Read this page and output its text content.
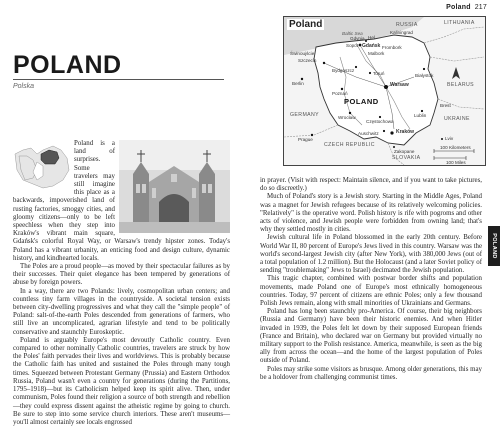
Poland 217
POLAND
Polska
Poland
Baltic Sea
RUSSIA	LITHUANIA
Kaliningrad
Gdynia Hel
Gdańsk
Sopot
Malbork
Frombork
Świnoujście
Szczecin
Bydgoszcz
Toruń	Białystok
BELARUS
Berlin
Poznań
POLAND
Warsaw
Brest
GERMANY	Wrocław
Częstochowa
Lublin
UKRAINE
Auschwitz	Kraków
Prague
CZECH REPUBLIC
Zakopane
SLOVAKIA
Lviv
100 Kilometers
100 Miles

Poland is a land of surprises. Some travelers may still imagine this place as a backwards, impoverished land of rusting factories, smoggy cities, and gloomy citizens—only to be left speechless when they step into Kraków's vibrant main square, Gdańsk's colorful Royal Way, or Warsaw's trendy hipster zones. Today's Poland has a vibrant urbanity, an enticing food and design culture, dynamic history, and kindhearted locals.

The Poles are a proud people—as moved by their spectacular failures as by their successes. Their quiet elegance has been tempered by generations of abuse by foreign powers.

In a way, there are two Polands: lively, cosmopolitan urban centers; and countless tiny farm villages in the countryside. A societal tension exists between city-dwelling progressives and what they call the "simple people" of Poland: salt-of-the-earth Poles descended from generations of farmers, who still live an uncomplicated, agrarian lifestyle and tend to be politically conservative and staunchly Euroskeptic.

Poland is arguably Europe's most devoutly Catholic country. Even compared to other nominally Catholic countries, travelers are struck by how the Poles' faith pervades their lives and worldviews. This is probably because the Catholic faith has united and sustained the Poles through many tough times. Squeezed between Protestant Germany (Prussia) and Eastern Orthodox Russia, Poland wasn't even a country for generations (during the Partitions, 1795–1918)—but its Catholicism helped keep its spirit alive. Then, under communism, Poles found their religion a source of both strength and rebellion—they could express dissent against the atheistic regime by going to church. Be sure to step into some service church interiors. These aren't museums—you'll almost certainly see locals engrossed

in prayer. (Visit with respect: Maintain silence, and if you want to take pictures, do so discreetly.)

Much of Poland's story is a Jewish story. Starting in the Middle Ages, Poland was a magnet for Jewish refugees because of its relatively welcoming policies. "Relatively" is the operative word. Polish history is rife with pogroms and other acts of violence, and Jewish people were forbidden from owning land; that's why they settled mostly in cities.

Jewish cultural life in Poland blossomed in the early 20th century. Before World War II, 80 percent of Europe's Jews lived in this country. Warsaw was the world's second-largest Jewish city (after New York), with 380,000 Jews (out of a total population of 1.2 million). But the Holocaust (and a later Soviet policy of sending "troublemaking" Jews to Israel) decimated the Jewish population.

This tragic chapter, combined with postwar border shifts and population movements, made Poland one of Europe's most ethnically homogeneous countries. Today, 97 percent of citizens are ethnic Poles; only a few thousand Polish Jews remain, along with small minorities of Ukrainians and Germans.

Poland has long been staunchly pro-America. Of course, their big neighbors (Russia and Germany) have been their historic enemies. And when Hitler invaded in 1939, the Poles felt let down by their supposed European friends (France and Britain), who declared war on Germany but provided virtually no military support to the Polish resistance. America, meanwhile, is seen as the big ally from across the ocean—and the home of the largest population of Poles outside of Poland.

Poles may strike some visitors as brusque. Among older generations, this may be a holdover from challenging communist times.

POLAND
